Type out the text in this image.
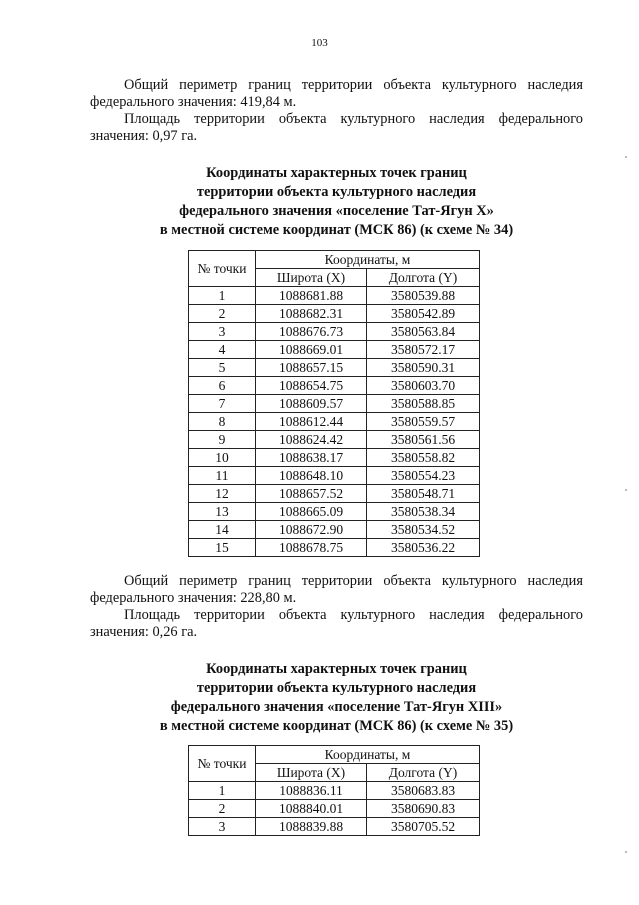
103

Общий периметр границ территории объекта культурного наследия
федерального значения: 419,84 м.

Площадь территории объекта культурного наследия федерального
значения: 0,97 га.

Координаты характерных точек границ
территории объекта культурного наследия
федерального значения «поселение Тат-Ягун X»
в местной системе координат (МСК 86) (к схеме № 34)
№ точки	Координаты, м	
	Широта (X)	Долгота (Y)
1	1088681.88	3580539.88
2	1088682.31	3580542.89
3	1088676.73	3580563.84
4	1088669.01	3580572.17
5	1088657.15	3580590.31
6	1088654.75	3580603.70
7	1088609.57	3580588.85
8	1088612.44	3580559.57
9	1088624.42	3580561.56
10	1088638.17	3580558.82
11	1088648.10	3580554.23
12	1088657.52	3580548.71
13	1088665.09	3580538.34
14	1088672.90	3580534.52
15	1088678.75	3580536.22

Общий периметр границ территории объекта культурного наследия
федерального значения: 228,80 м.

Площадь территории объекта культурного наследия федерального
значения: 0,26 га.

Координаты характерных точек границ
территории объекта культурного наследия
федерального значения «поселение Тат-Ягун XIII»
в местной системе координат (МСК 86) (к схеме № 35)
№ точки	Координаты, м	
	Широта (X)	Долгота (Y)
1	1088836.11	3580683.83
2	1088840.01	3580690.83
3	1088839.88	3580705.52
